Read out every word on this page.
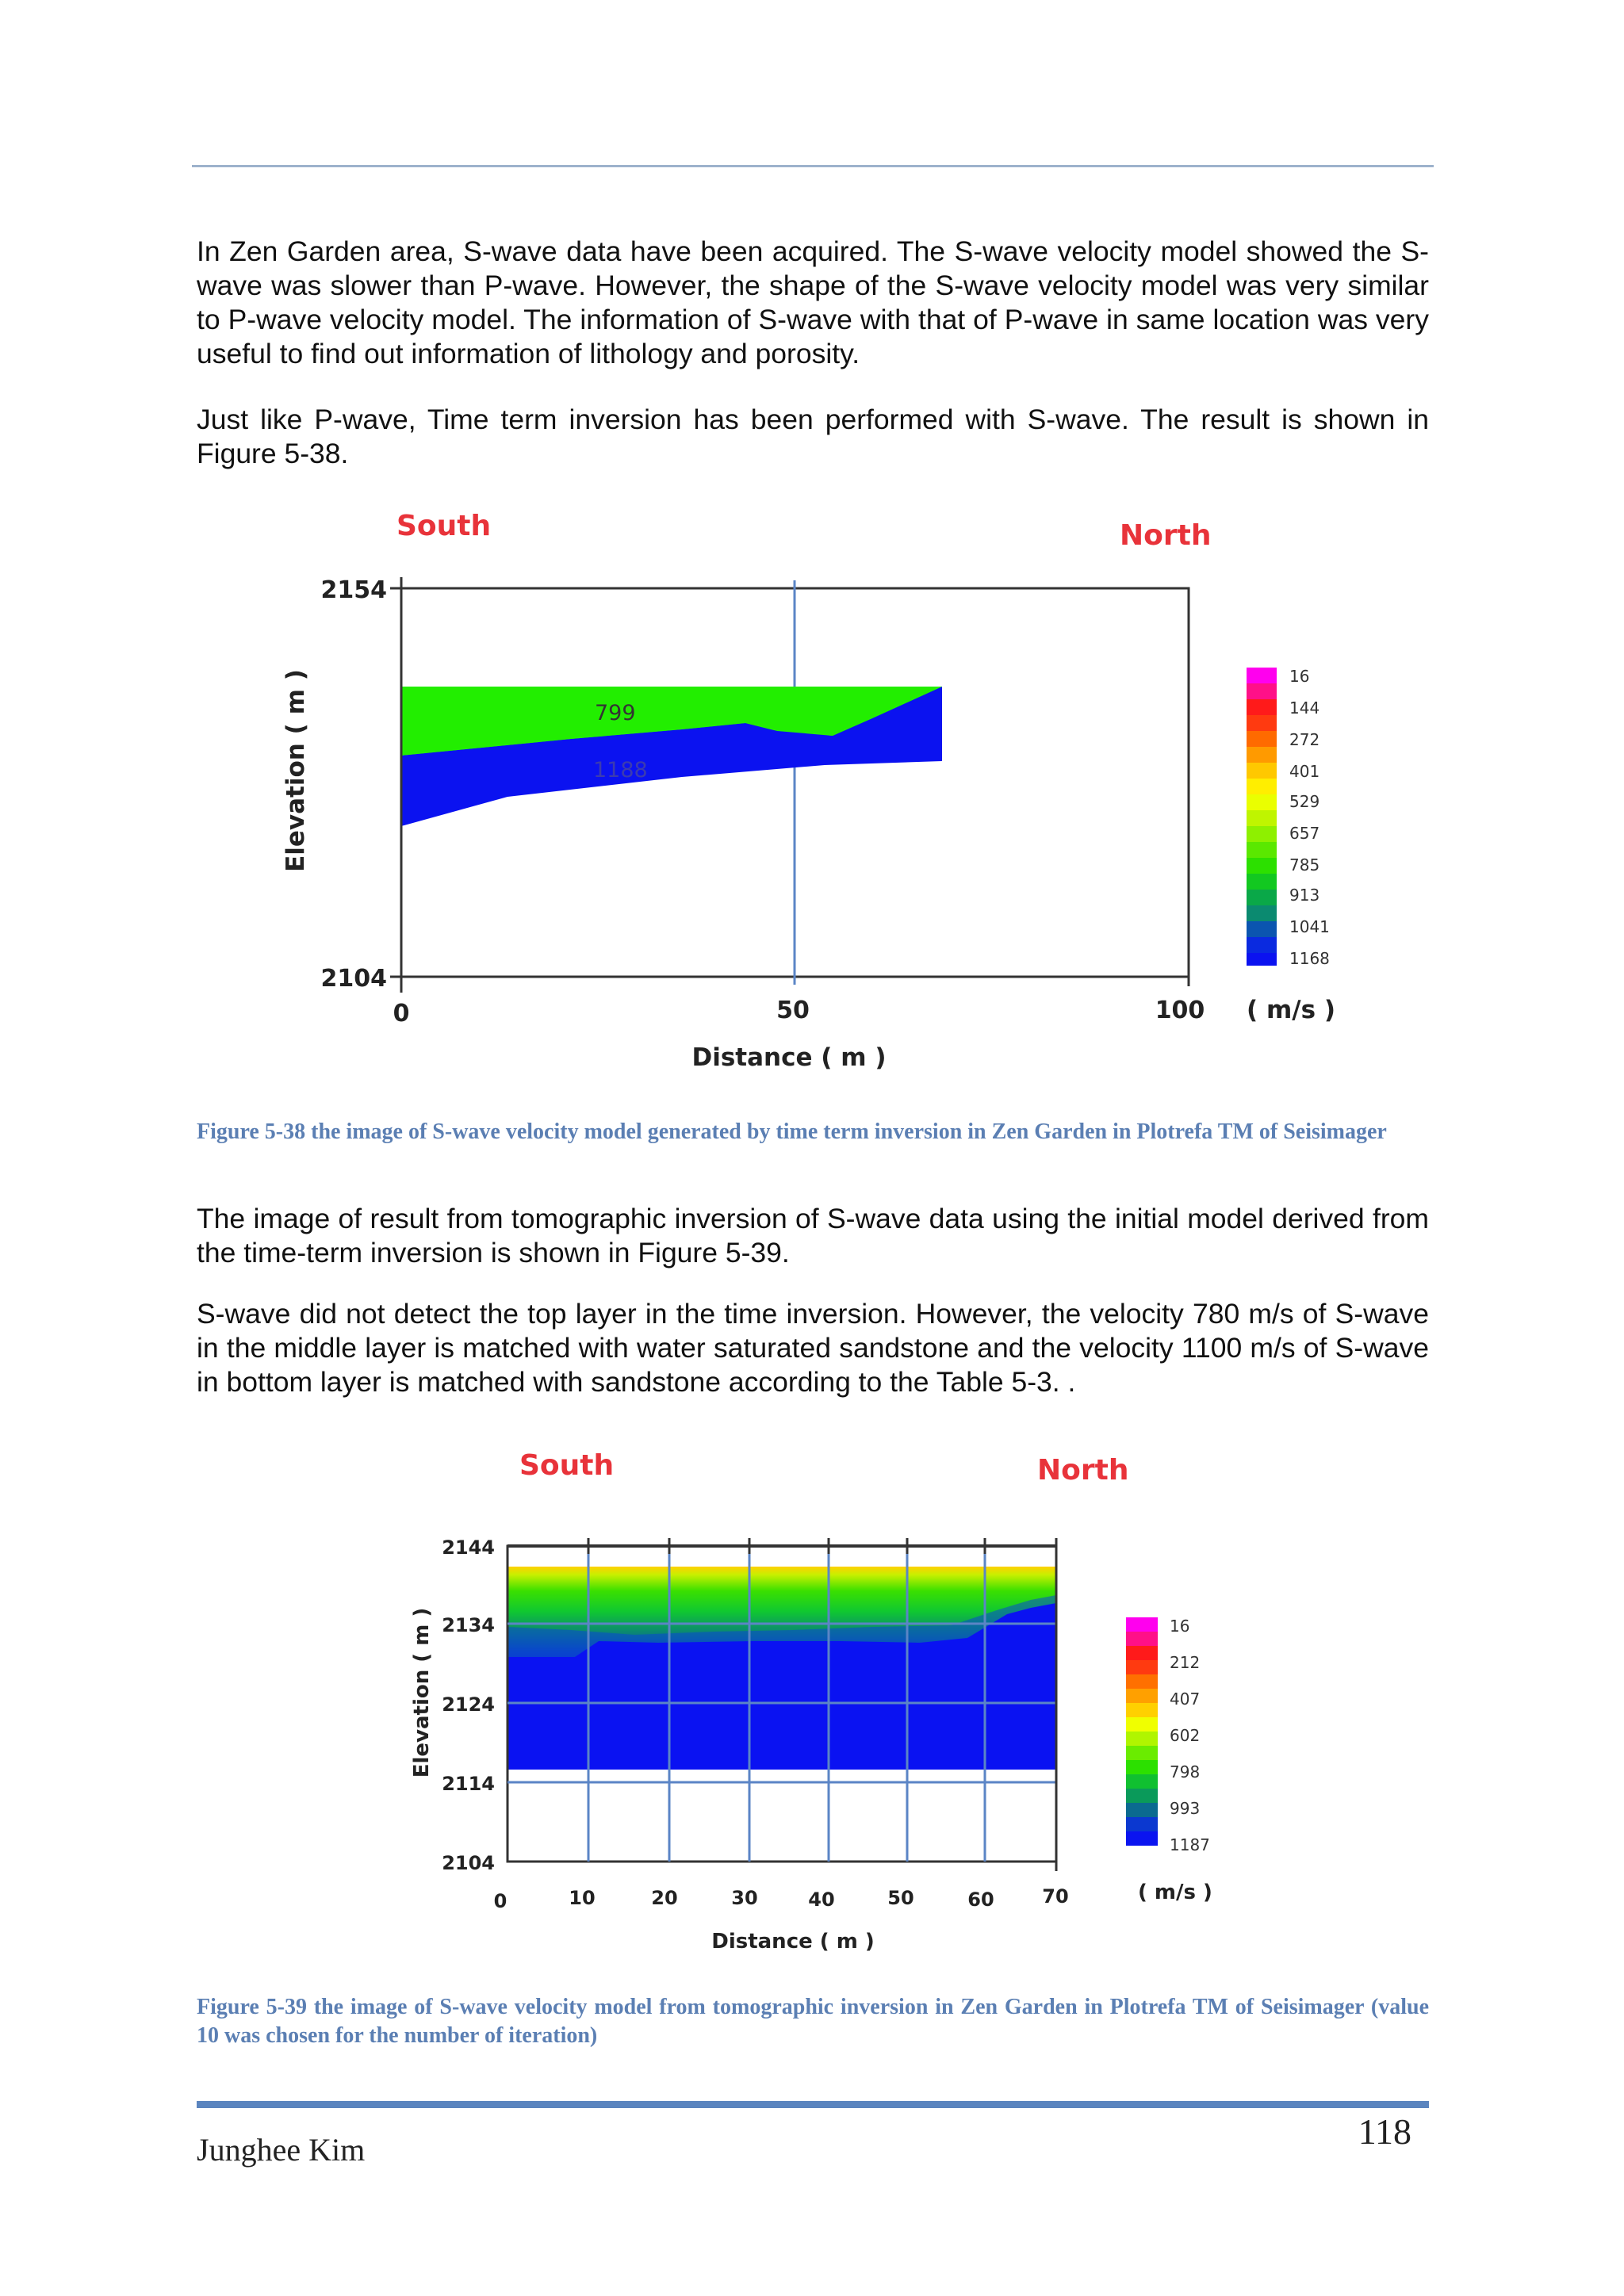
In Zen Garden area, S-wave data have been acquired. The S-wave velocity model showed the S-wave was slower than P-wave. However, the shape of the S-wave velocity model was very similar to P-wave velocity model. The information of S-wave with that of P-wave in same location was very useful to find out information of lithology and porosity.

Just like P-wave, Time term inversion has been performed with S-wave. The result is shown in Figure 5-38.

South	North
799
1188
2154
2104
0	50	100
Distance ( m )
Elevation ( m )	16
144
272
401
529
657
785
913
1041
1168
( m/s )

Figure 5-38 the image of S-wave velocity model generated by time term inversion in Zen Garden in Plotrefa TM of Seisimager

The image of result from tomographic inversion of S-wave data using the initial model derived from the time-term inversion is shown in Figure 5-39.

S-wave did not detect the top layer in the time inversion. However, the velocity 780 m/s of S-wave in the middle layer is matched with water saturated sandstone and the velocity 1100 m/s of S-wave in bottom layer is matched with sandstone according to the Table 5-3. .

South	North
2144
2134
2124
2114
2104
0	10	20	30	40	50	60	70
Distance ( m )
Elevation ( m )	16
212
407
602
798
993
1187
( m/s )

Figure 5-39 the image of S-wave velocity model from tomographic inversion in Zen Garden in Plotrefa TM of Seisimager (value 10 was chosen for the number of iteration)

Junghee Kim	118
